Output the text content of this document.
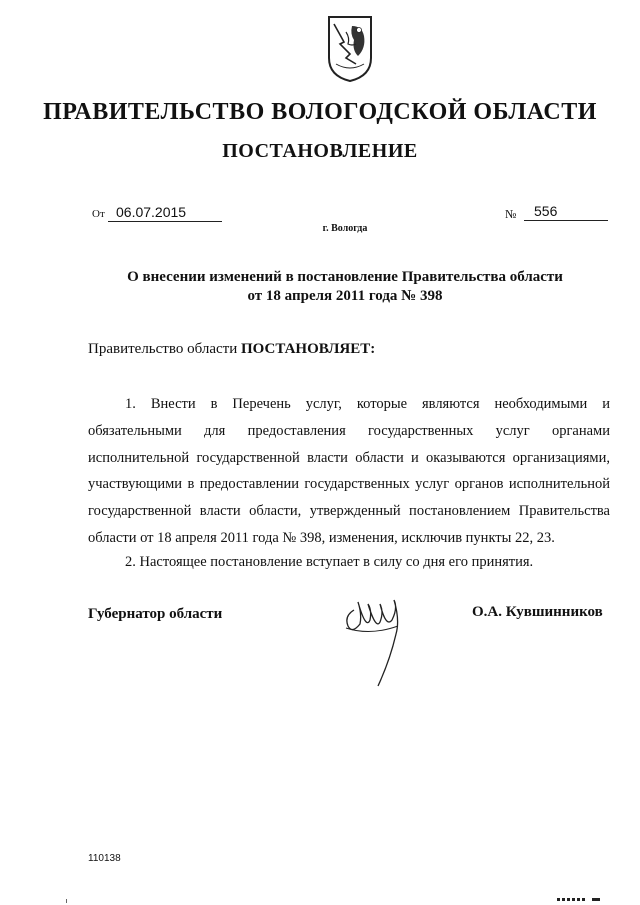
ПРАВИТЕЛЬСТВО ВОЛОГОДСКОЙ ОБЛАСТИ
ПОСТАНОВЛЕНИЕ
От 06.07.2015	№	556
г. Вологда
О внесении изменений в постановление Правительства области
от 18 апреля 2011 года № 398
Правительство области ПОСТАНОВЛЯЕТ:
1. Внести в Перечень услуг, которые являются необходимыми и обязательными для предоставления государственных услуг органами исполнительной государственной власти области и оказываются организациями, участвующими в предоставлении государственных услуг органов исполнительной государственной власти области, утвержденный постановлением Правительства области от 18 апреля 2011 года № 398, изменения, исключив пункты 22, 23.
2. Настоящее постановление вступает в силу со дня его принятия.
Губернатор области	О.А. Кувшинников
110138
